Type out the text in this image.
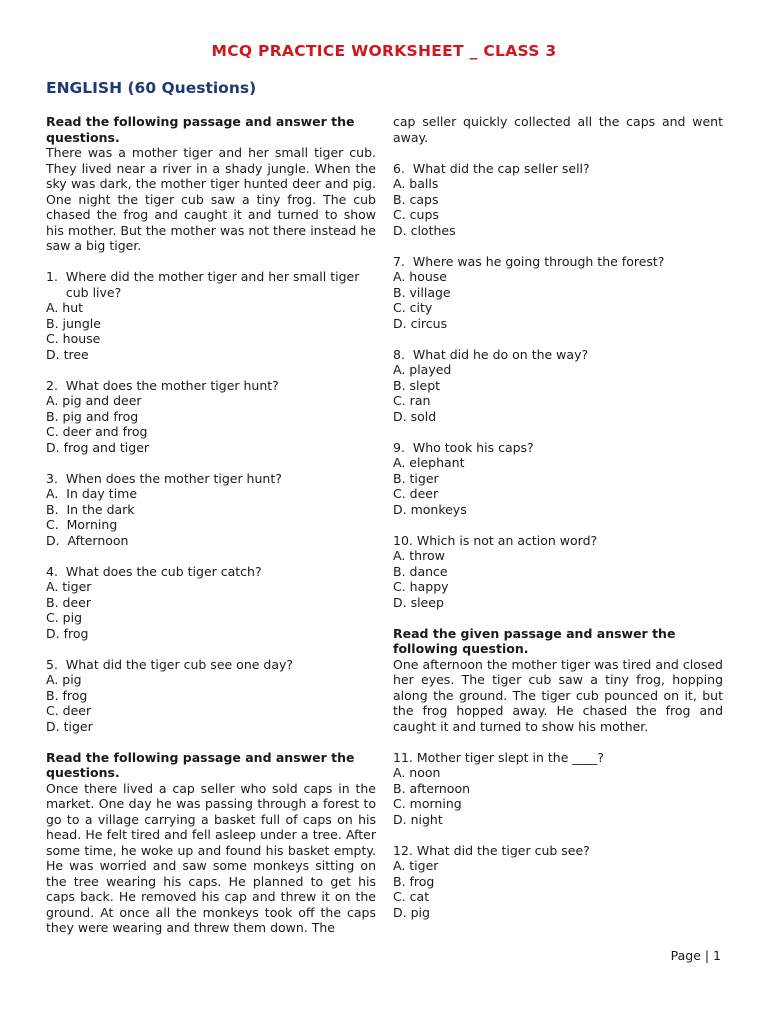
MCQ PRACTICE WORKSHEET _ CLASS 3
ENGLISH (60 Questions)
Read the following passage and answer the questions.
There was a mother tiger and her small tiger cub. They lived near a river in a shady jungle. When the sky was dark, the mother tiger hunted deer and pig. One night the tiger cub saw a tiny frog. The cub chased the frog and caught it and turned to show his mother. But the mother was not there instead he saw a big tiger.
1. Where did the mother tiger and her small tiger cub live?
A. hut
B. jungle
C. house
D. tree
2. What does the mother tiger hunt?
A. pig and deer
B. pig and frog
C. deer and frog
D. frog and tiger
3. When does the mother tiger hunt?
A.  In day time
B.  In the dark
C.  Morning
D.  Afternoon
4. What does the cub tiger catch?
A. tiger
B. deer
C. pig
D. frog
5. What did the tiger cub see one day?
A. pig
B. frog
C. deer
D. tiger
Read the following passage and answer the questions.
Once there lived a cap seller who sold caps in the market. One day he was passing through a forest to go to a village carrying a basket full of caps on his head. He felt tired and fell asleep under a tree. After some time, he woke up and found his basket empty. He was worried and saw some monkeys sitting on the tree wearing his caps. He planned to get his caps back. He removed his cap and threw it on the ground. At once all the monkeys took off the caps they were wearing and threw them down. The
cap seller quickly collected all the caps and went away.
6. What did the cap seller sell?
A. balls
B. caps
C. cups
D. clothes
7. Where was he going through the forest?
A. house
B. village
C. city
D. circus
8. What did he do on the way?
A. played
B. slept
C. ran
D. sold
9. Who took his caps?
A. elephant
B. tiger
C. deer
D. monkeys
10. Which is not an action word?
A. throw
B. dance
C. happy
D. sleep
Read the given passage and answer the following question.
One afternoon the mother tiger was tired and closed her eyes. The tiger cub saw a tiny frog, hopping along the ground. The tiger cub pounced on it, but the frog hopped away. He chased the frog and caught it and turned to show his mother.
11. Mother tiger slept in the ____?
A. noon
B. afternoon
C. morning
D. night
12. What did the tiger cub see?
A. tiger
B. frog
C. cat
D. pig
Page | 1
